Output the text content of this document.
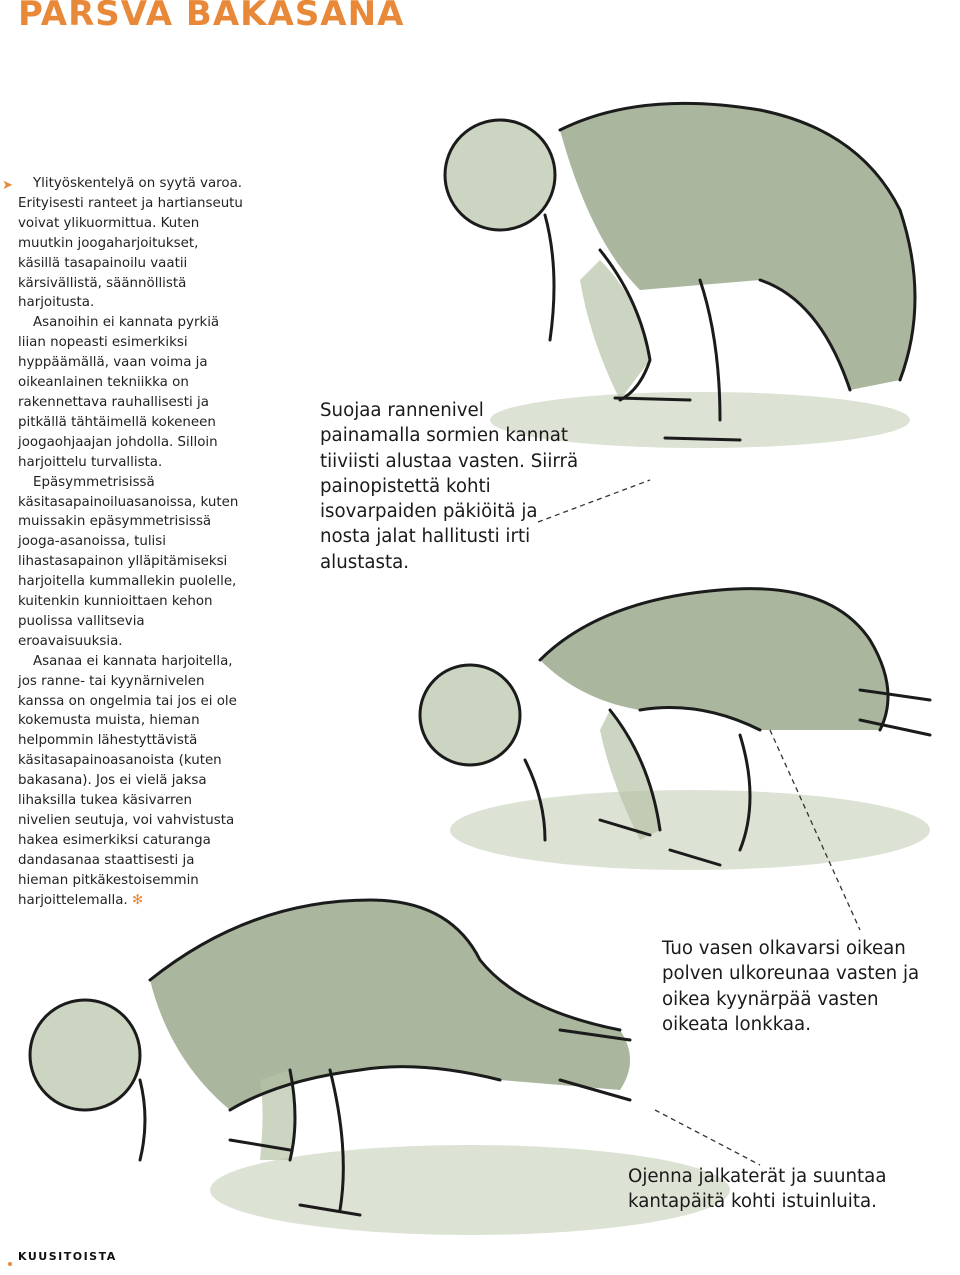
PARSVA BAKASANA
➤	Ylityöskentelyä on syytä varoa. Erityisesti ranteet ja hartianseutu voivat ylikuormittua. Kuten muutkin joogaharjoitukset, käsillä tasapainoilu vaatii kärsivällistä, säännöllistä harjoitusta.

Asanoihin ei kannata pyrkiä liian nopeasti esimerkiksi hyppäämällä, vaan voima ja oikeanlainen tekniikka on rakennettava rauhallisesti ja pitkällä tähtäimellä kokeneen joogaohjaajan johdolla. Silloin harjoittelu turvallista.

Epäsymmetrisissä käsitasapainoiluasanoissa, kuten muissakin epäsymmetrisissä jooga-asanoissa, tulisi lihastasapainon ylläpitämiseksi harjoitella kummallekin puolelle, kuitenkin kunnioittaen kehon puolissa vallitsevia eroavaisuuksia.

Asanaa ei kannata harjoitella, jos ranne- tai kyynärnivelen kanssa on ongelmia tai jos ei ole kokemusta muista, hieman helpommin lähestyttävistä käsitasapainoasanoista (kuten bakasana). Jos ei vielä jaksa lihaksilla tukea käsivarren nivelien seutuja, voi vahvistusta hakea esimerkiksi caturanga dandasanaa staattisesti ja hieman pitkäkestoisemmin harjoittelemalla. ✻

Suojaa rannenivel painamalla sormien kannat tiiviisti alustaa vasten. Siirrä painopistettä kohti isovarpaiden päkiöitä ja nosta jalat hallitusti irti alustasta.
Tuo vasen olkavarsi oikean polven ulkoreunaa vasten ja oikea kyynärpää vasten oikeata lonkkaa.
Ojenna jalkaterät ja suuntaa kantapäitä kohti istuinluita.
KUUSITOISTA
